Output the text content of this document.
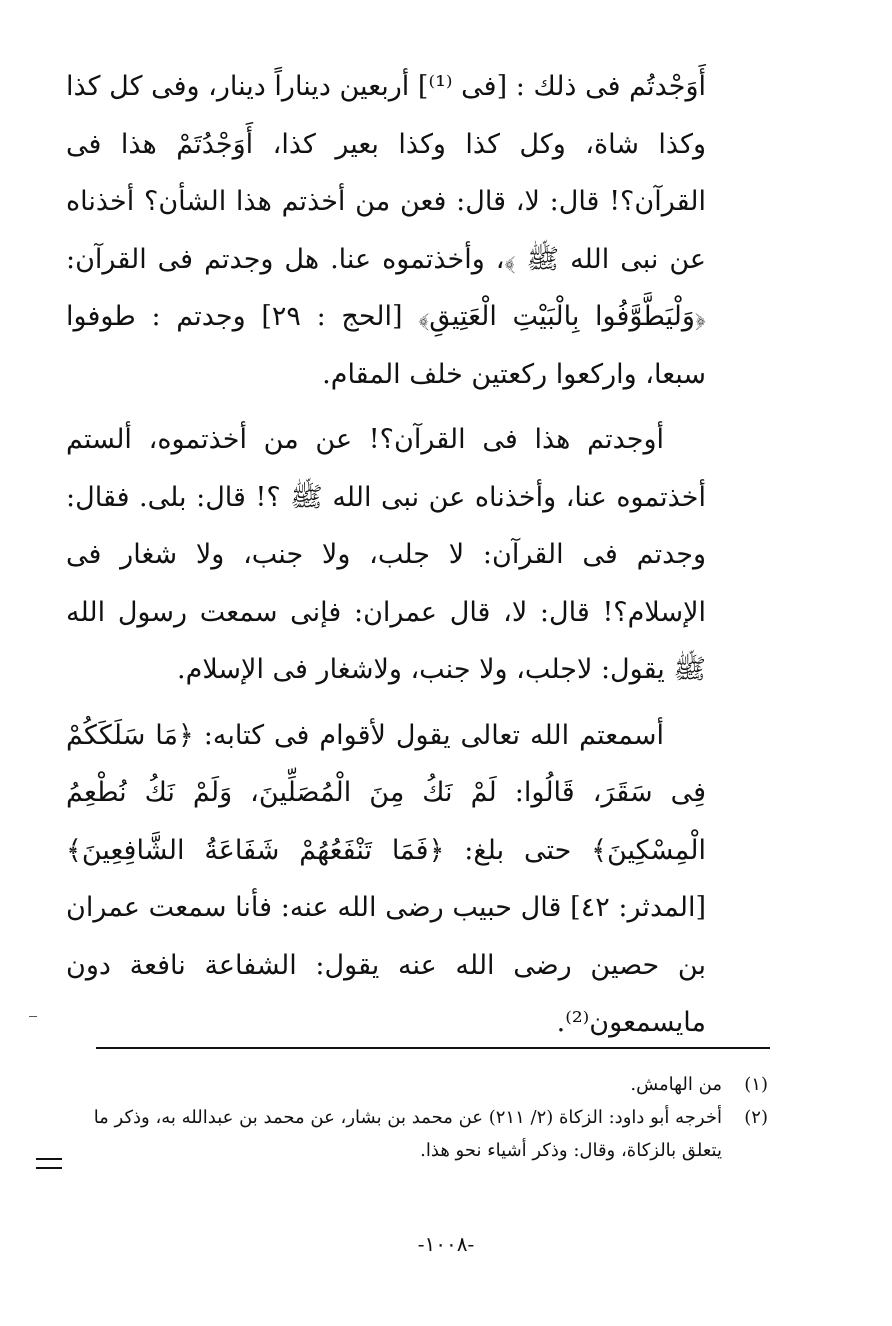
أَوَجْدتُم فى ذلك : [فى ⁽¹⁾] أربعين ديناراً دينار، وفى كل كذا وكذا شاة، وكل كذا وكذا بعير كذا، أَوَجْدُتَمْ هذا فى القرآن؟! قال: لا، قال: فعن من أخذتم هذا الشأن؟ أخذناه عن نبى الله ﷺ ﴾، وأخذتموه عنا. هل وجدتم فى القرآن: ﴿وَلْيَطَّوَّفُوا بِالْبَيْتِ الْعَتِيقِ﴾ [الحج : ٢٩] وجدتم : طوفوا سبعا، واركعوا ركعتين خلف المقام.

أوجدتم هذا فى القرآن؟! عن من أخذتموه، ألستم أخذتموه عنا، وأخذناه عن نبى الله ﷺ ؟! قال: بلى. فقال: وجدتم فى القرآن: لا جلب، ولا جنب، ولا شغار فى الإسلام؟! قال: لا، قال عمران: فإنى سمعت رسول الله ﷺ يقول: لاجلب، ولا جنب، ولاشغار فى الإسلام.

أسمعتم الله تعالى يقول لأقوام فى كتابه: ﴿مَا سَلَكَكُمْ فِى سَقَرَ، قَالُوا: لَمْ نَكُ مِنَ الْمُصَلِّينَ، وَلَمْ نَكُ نُطْعِمُ الْمِسْكِينَ﴾ حتى بلغ: ﴿فَمَا تَنْفَعُهُمْ شَفَاعَةُ الشَّافِعِينَ﴾ [المدثر: ٤٢] قال حبيب رضى الله عنه: فأنا سمعت عمران بن حصين رضى الله عنه يقول: الشفاعة نافعة دون مايسمعون⁽²⁾.

(١)
من الهامش.
(٢)
أخرجه أبو داود: الزكاة (٢/ ٢١١) عن محمد بن بشار، عن محمد بن عبدالله به، وذكر ما يتعلق بالزكاة، وقال: وذكر أشياء نحو هذا.
-١٠٠٨-
